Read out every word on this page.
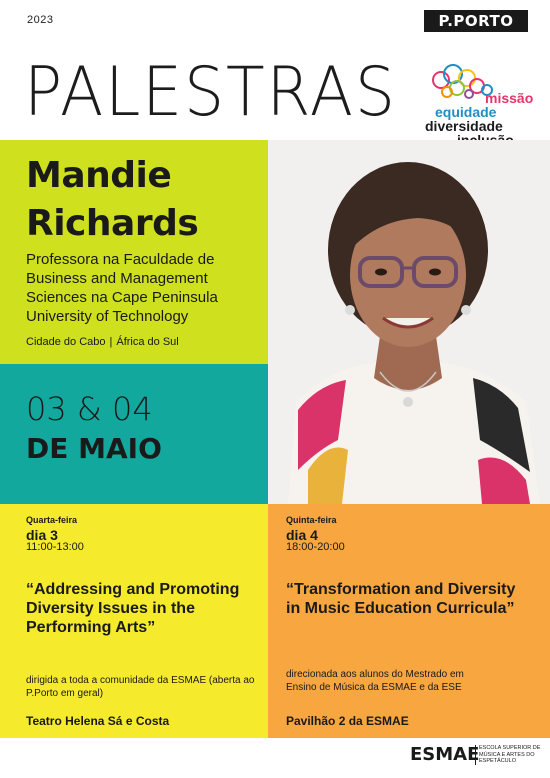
2023	P.PORTO
PALESTRAS	missão
equidade
diversidade
Mandie
Richards
Professora na Faculdade de Business and Management Sciences na Cape Peninsula University of Technology
Cidade do Cabo | África do Sul
03 & 04
DE MAIO
Quarta-feira
dia 3
11:00-13:00
“Addressing and Promoting Diversity Issues in the Performing Arts”
dirigida a toda a comunidade da ESMAE (aberta ao P.Porto em geral)
Teatro Helena Sá e Costa
Quinta-feira
dia 4
18:00-20:00
“Transformation and Diversity in Music Education Curricula”
direcionada aos alunos do Mestrado em Ensino de Música da ESMAE e da ESE
Pavilhão 2 da ESMAE
ESMAE ESCOLA SUPERIOR DE MÚSICA E ARTES DO ESPETÁCULO
